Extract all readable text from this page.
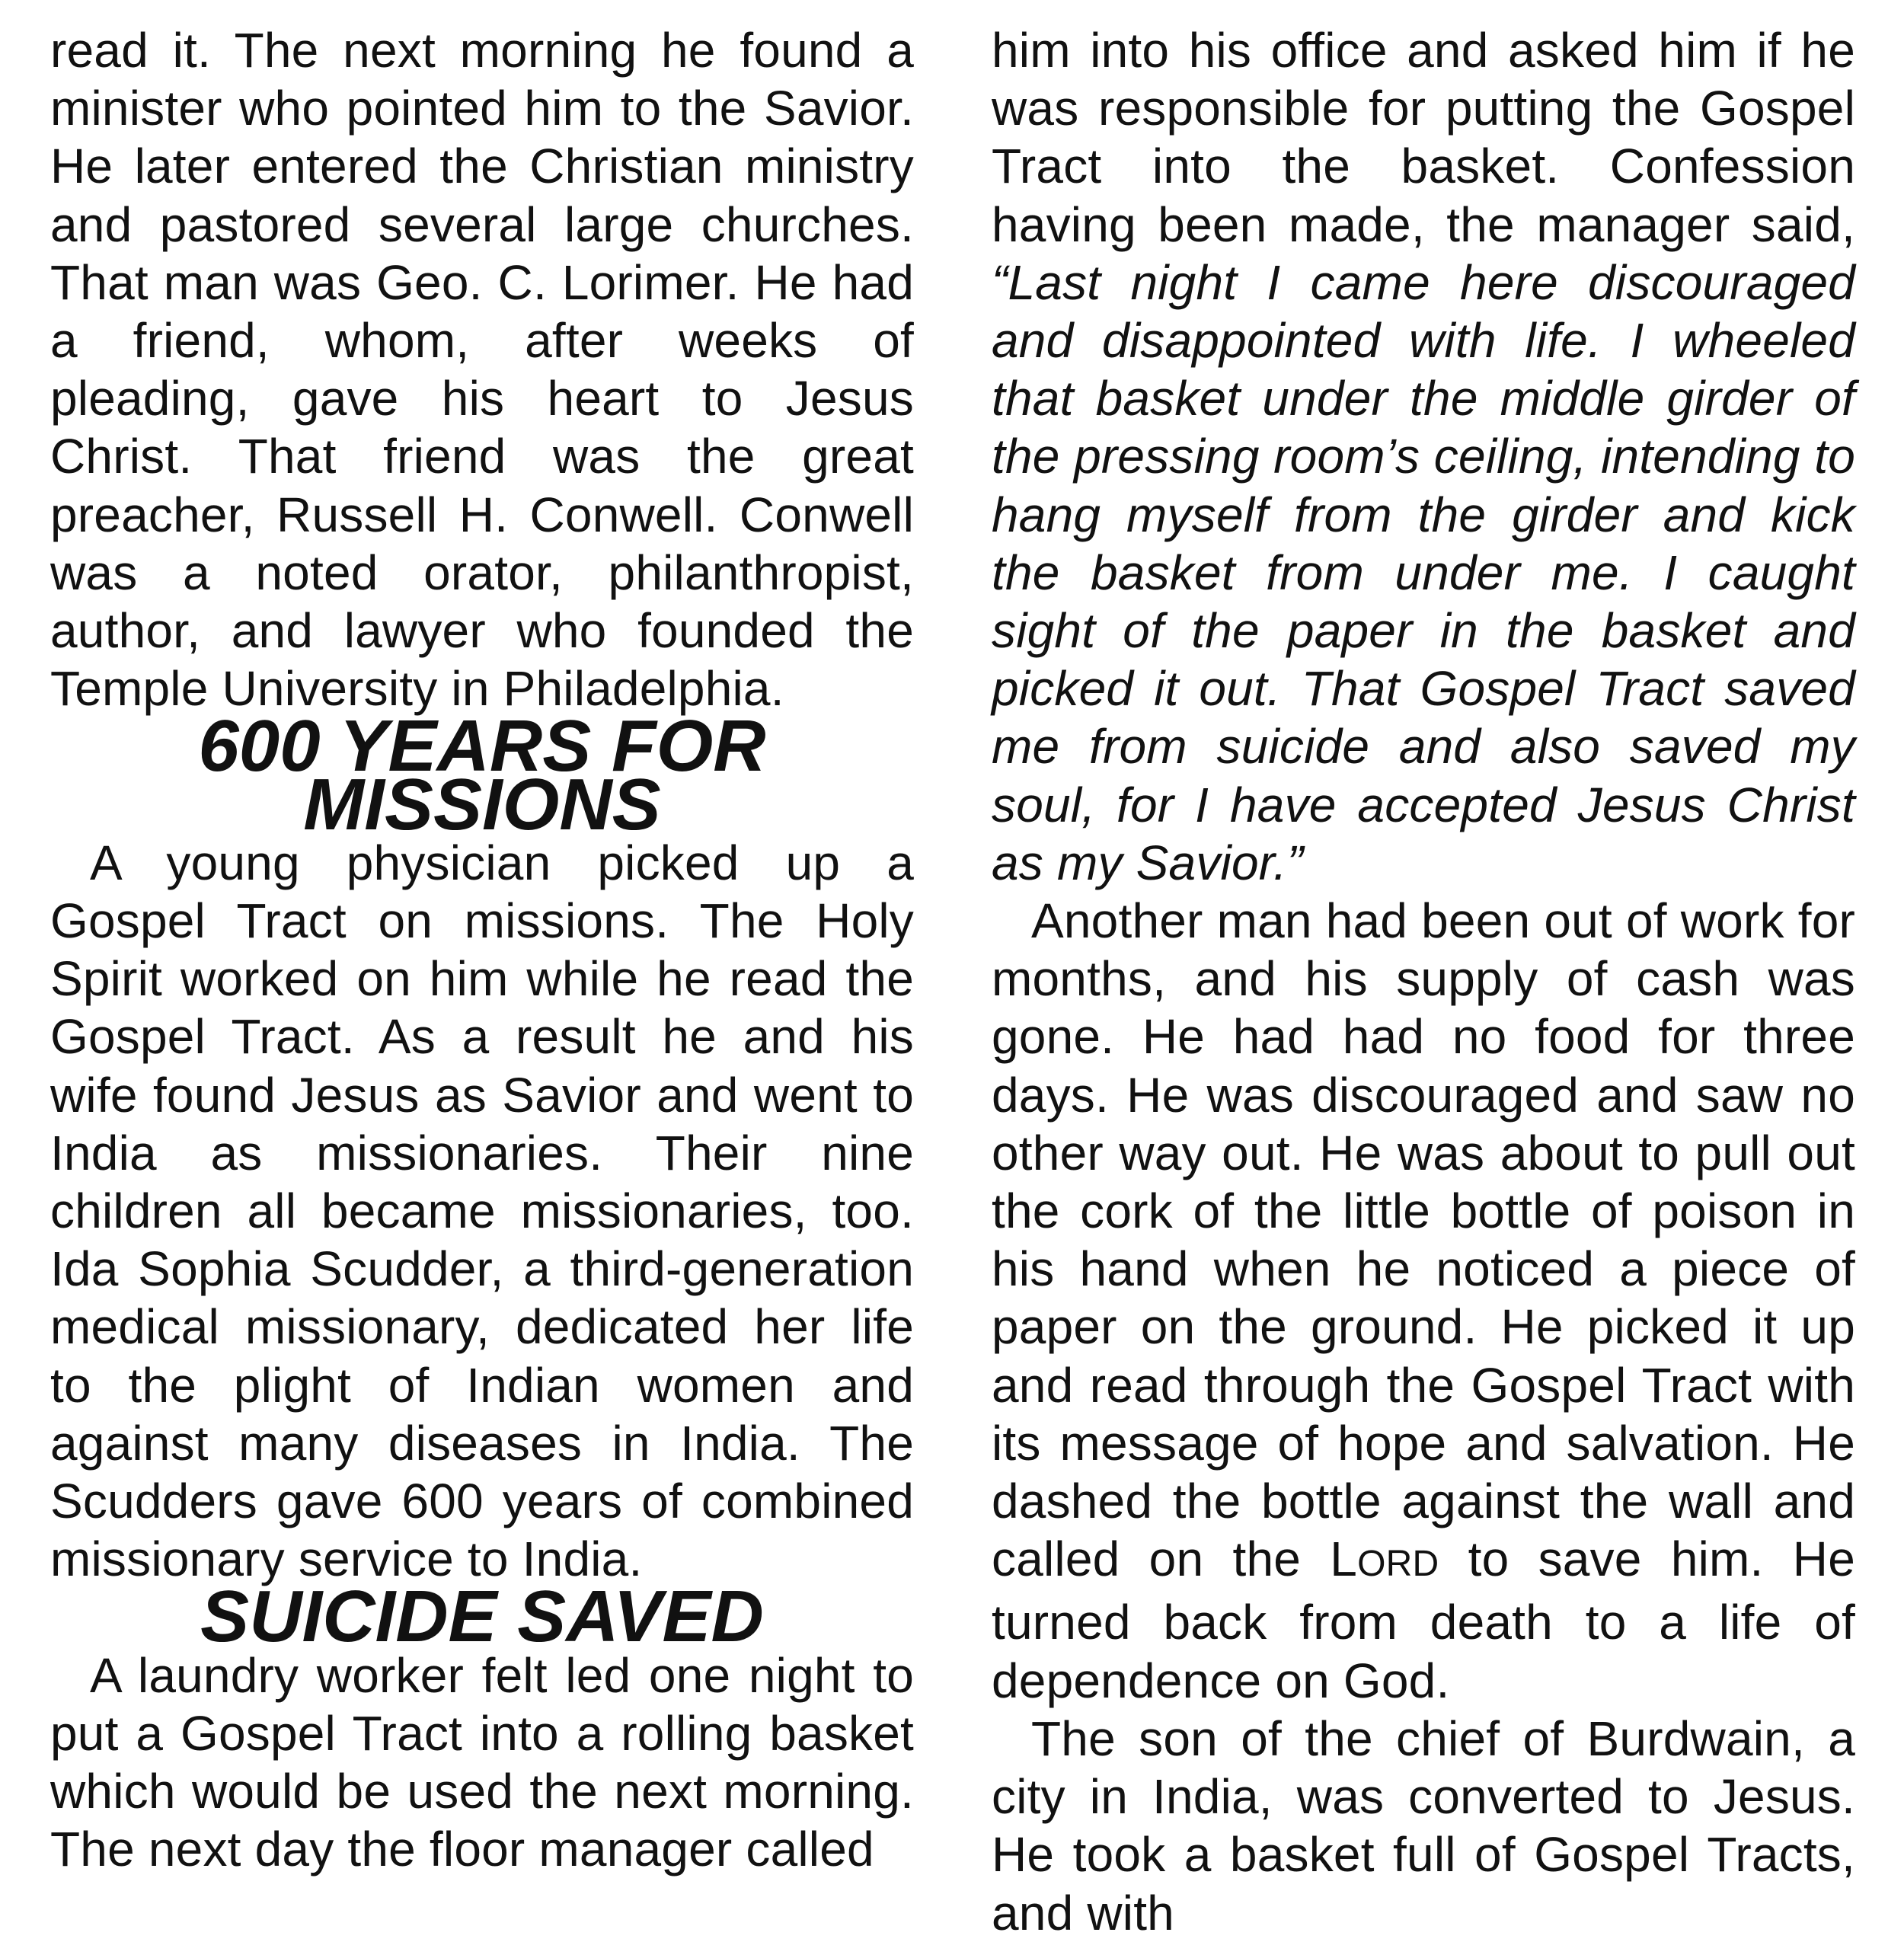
read it. The next morning he found a minister who pointed him to the Savior. He later entered the Christian ministry and pastored several large churches. That man was Geo. C. Lorimer. He had a friend, whom, after weeks of pleading, gave his heart to Jesus Christ. That friend was the great preacher, Russell H. Conwell. Conwell was a noted orator, philanthropist, author, and lawyer who founded the Temple University in Philadelphia.

600 YEARS FOR MISSIONS

A young physician picked up a Gospel Tract on missions. The Holy Spirit worked on him while he read the Gospel Tract. As a result he and his wife found Jesus as Savior and went to India as missionaries. Their nine children all became missionaries, too. Ida Sophia Scudder, a third-generation medical missionary, dedicated her life to the plight of Indian women and against many diseases in India. The Scudders gave 600 years of combined missionary service to India.

SUICIDE SAVED

A laundry worker felt led one night to put a Gospel Tract into a rolling basket which would be used the next morning. The next day the floor manager called

him into his office and asked him if he was responsible for putting the Gospel Tract into the basket. Confession having been made, the manager said, “Last night I came here discouraged and disappointed with life. I wheeled that basket under the middle girder of the pressing room’s ceiling, intending to hang myself from the girder and kick the basket from under me. I caught sight of the paper in the basket and picked it out. That Gospel Tract saved me from suicide and also saved my soul, for I have accepted Jesus Christ as my Savior.”

Another man had been out of work for months, and his supply of cash was gone. He had had no food for three days. He was discouraged and saw no other way out. He was about to pull out the cork of the little bottle of poison in his hand when he noticed a piece of paper on the ground. He picked it up and read through the Gospel Tract with its message of hope and salvation. He dashed the bottle against the wall and called on the LORD to save him. He turned back from death to a life of dependence on God.

The son of the chief of Burdwain, a city in India, was converted to Jesus. He took a basket full of Gospel Tracts, and with
